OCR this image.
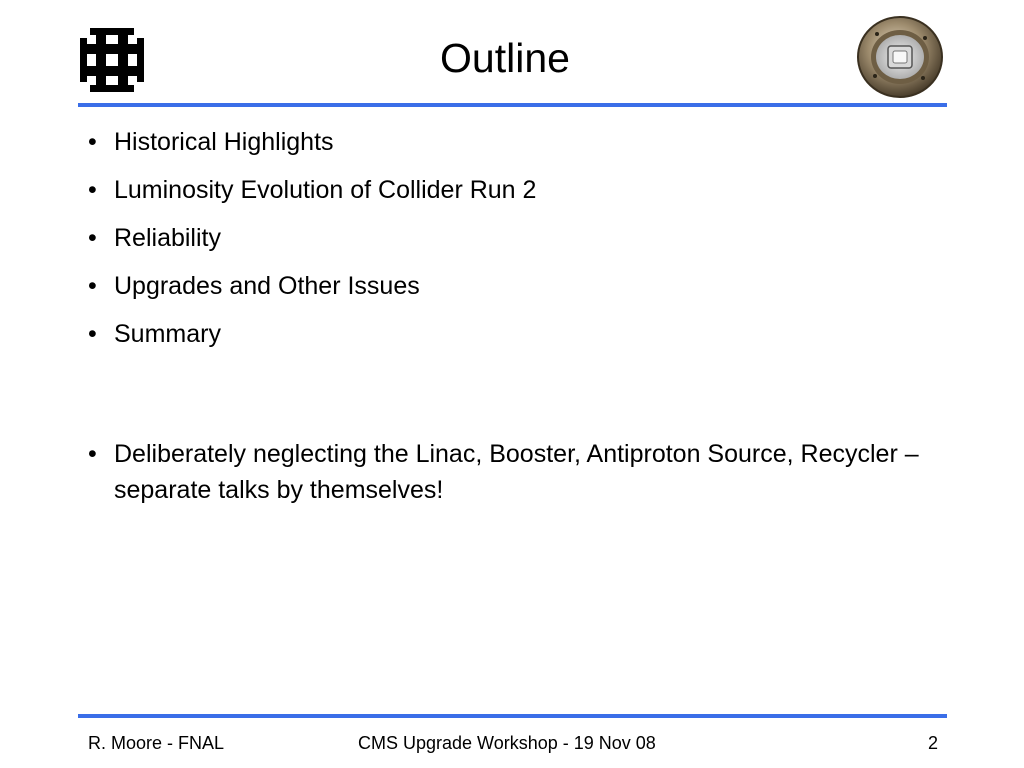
Outline
• Historical Highlights
• Luminosity Evolution of Collider Run 2
• Reliability
• Upgrades and Other Issues
• Summary
• Deliberately neglecting the Linac, Booster, Antiproton Source, Recycler – separate talks by themselves!
R. Moore - FNAL	CMS Upgrade Workshop - 19 Nov 08	2
